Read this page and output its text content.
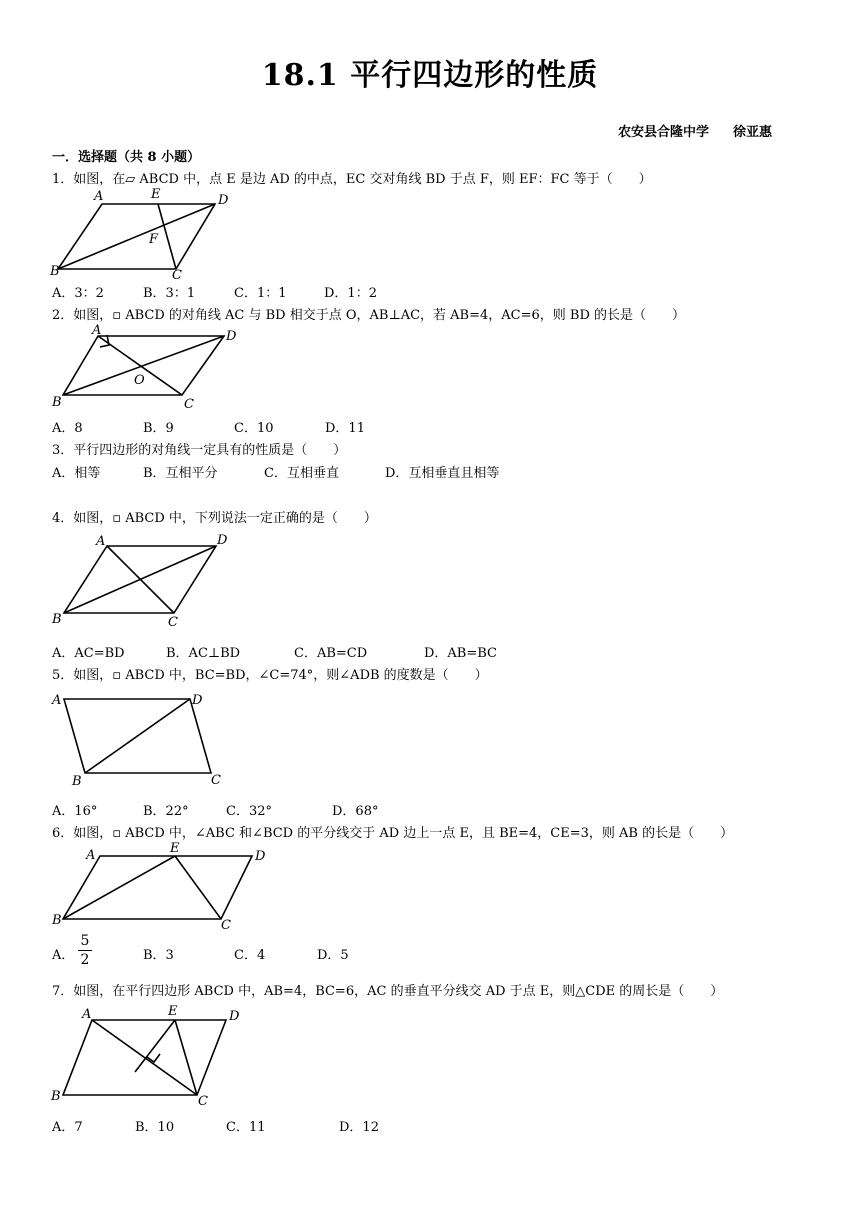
18.1 平行四边形的性质
农安县合隆中学 徐亚惠
一．选择题（共 8 小题）
1．如图，在▱ ABCD 中，点 E 是边 AD 的中点，EC 交对角线 BD 于点 F，则 EF：FC 等于（　　）
A	E	D
F
B	C
A．3：2	B．3：1	C．1：1	D．1：2
2．如图，▫ ABCD 的对角线 AC 与 BD 相交于点 O，AB⊥AC，若 AB=4，AC=6，则 BD 的长是（　　）
A	D
O
B	C
A．8	B．9	C．10	D．11
3．平行四边形的对角线一定具有的性质是（　　）
A．相等	B．互相平分	C．互相垂直	D．互相垂直且相等
4．如图，▫ ABCD 中，下列说法一定正确的是（　　）
A	D
B	C
A．AC=BD	B．AC⊥BD	C．AB=CD	D．AB=BC
5．如图，▫ ABCD 中，BC=BD，∠C=74°，则∠ADB 的度数是（　　）
A	D
B	C
A．16°	B．22°	C．32°	D．68°
6．如图，▫ ABCD 中，∠ABC 和∠BCD 的平分线交于 AD 边上一点 E，且 BE=4，CE=3，则 AB 的长是（　　）
A	E
D
B	C
A．
5
2	B．3	C．4	D．5
7．如图，在平行四边形 ABCD 中，AB=4，BC=6，AC 的垂直平分线交 AD 于点 E，则△CDE 的周长是（　　）
A	E	D
B	C
A．7	B．10	C．11	D．12
